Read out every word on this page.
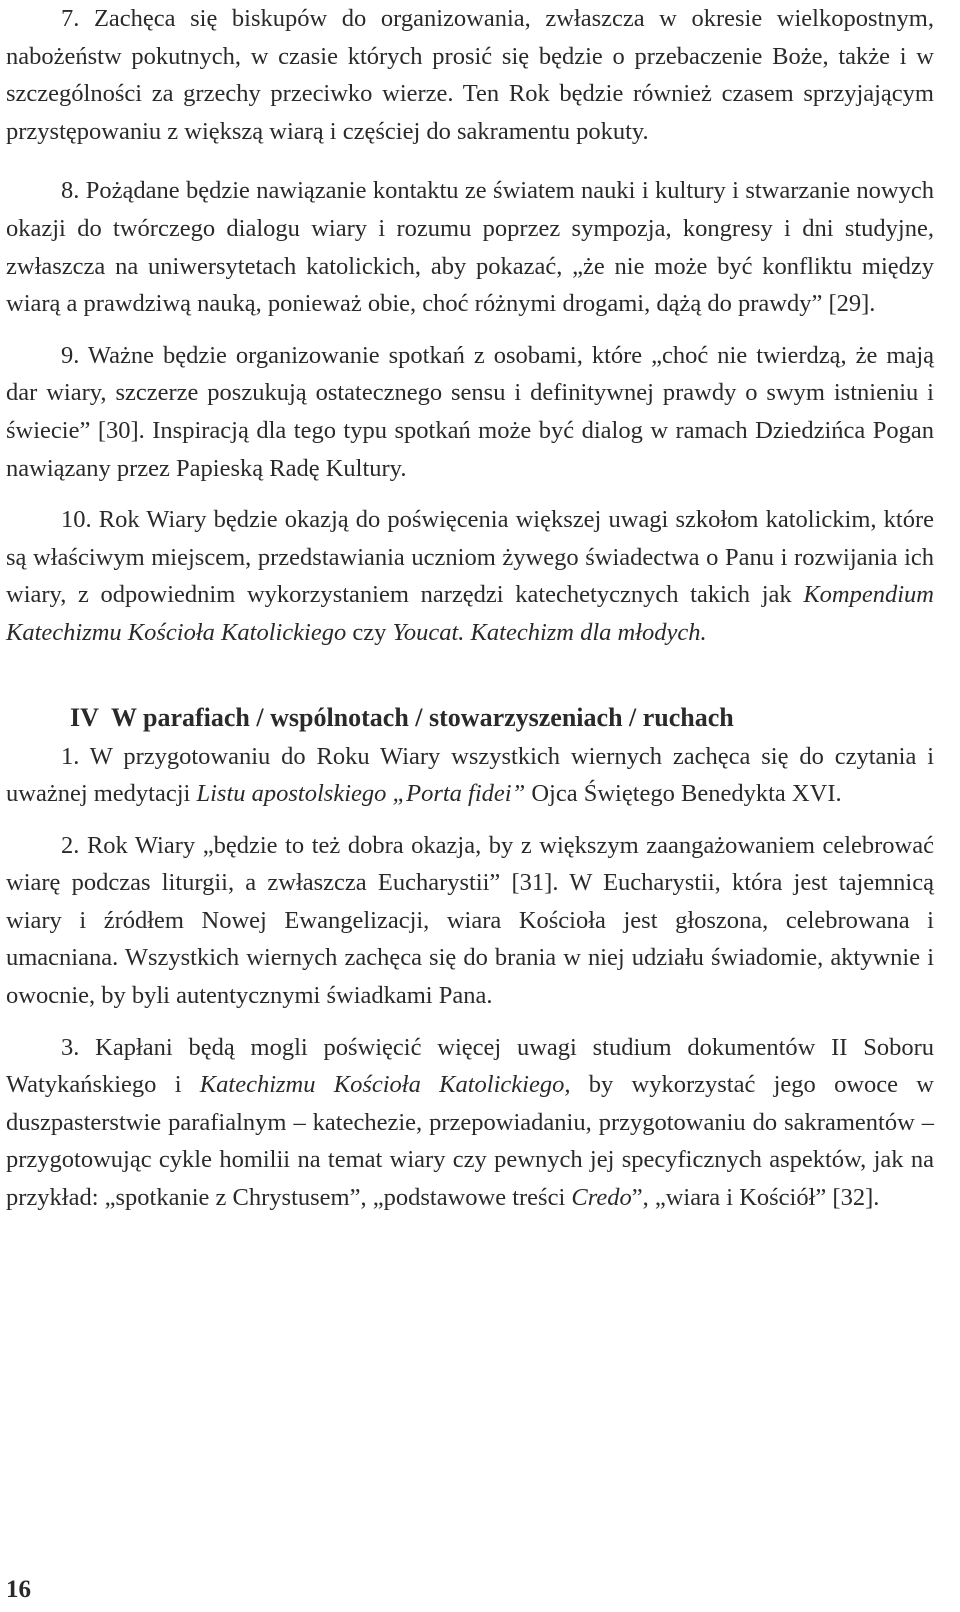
7. Zachęca się biskupów do organizowania, zwłaszcza w okresie wielkopostnym, nabożeństw pokutnych, w czasie których prosić się będzie o przebaczenie Boże, także i w szczególności za grzechy przeciwko wierze. Ten Rok będzie również czasem sprzyjającym przystępowaniu z większą wiarą i częściej do sakramentu pokuty.

8. Pożądane będzie nawiązanie kontaktu ze światem nauki i kultury i stwarzanie nowych okazji do twórczego dialogu wiary i rozumu poprzez sympozja, kongresy i dni studyjne, zwłaszcza na uniwersytetach katolickich, aby pokazać, „że nie może być konfliktu między wiarą a prawdziwą nauką, ponieważ obie, choć różnymi drogami, dążą do prawdy” [29].

9. Ważne będzie organizowanie spotkań z osobami, które „choć nie twierdzą, że mają dar wiary, szczerze poszukują ostatecznego sensu i definitywnej prawdy o swym istnieniu i świecie” [30]. Inspiracją dla tego typu spotkań może być dialog w ramach Dziedzińca Pogan nawiązany przez Papieską Radę Kultury.

10. Rok Wiary będzie okazją do poświęcenia większej uwagi szkołom katolickim, które są właściwym miejscem, przedstawiania uczniom żywego świadectwa o Panu i rozwijania ich wiary, z odpowiednim wykorzystaniem narzędzi katechetycznych takich jak Kompendium Katechizmu Kościoła Katolickiego czy Youcat. Katechizm dla młodych.

IV  W parafiach / wspólnotach / stowarzyszeniach / ruchach

1. W przygotowaniu do Roku Wiary wszystkich wiernych zachęca się do czytania i uważnej medytacji Listu apostolskiego „Porta fidei” Ojca Świętego Benedykta XVI.

2. Rok Wiary „będzie to też dobra okazja, by z większym zaangażowaniem celebrować wiarę podczas liturgii, a zwłaszcza Eucharystii” [31]. W Eucharystii, która jest tajemnicą wiary i źródłem Nowej Ewangelizacji, wiara Kościoła jest głoszona, celebrowana i umacniana. Wszystkich wiernych zachęca się do brania w niej udziału świadomie, aktywnie i owocnie, by byli autentycznymi świadkami Pana.

3. Kapłani będą mogli poświęcić więcej uwagi studium dokumentów II Soboru Watykańskiego i Katechizmu Kościoła Katolickiego, by wykorzystać jego owoce w duszpasterstwie parafialnym – katechezie, przepowiadaniu, przygotowaniu do sakramentów – przygotowując cykle homilii na temat wiary czy pewnych jej specyficznych aspektów, jak na przykład: „spotkanie z Chrystusem”, „podstawowe treści Credo”, „wiara i Kościół” [32].

16
